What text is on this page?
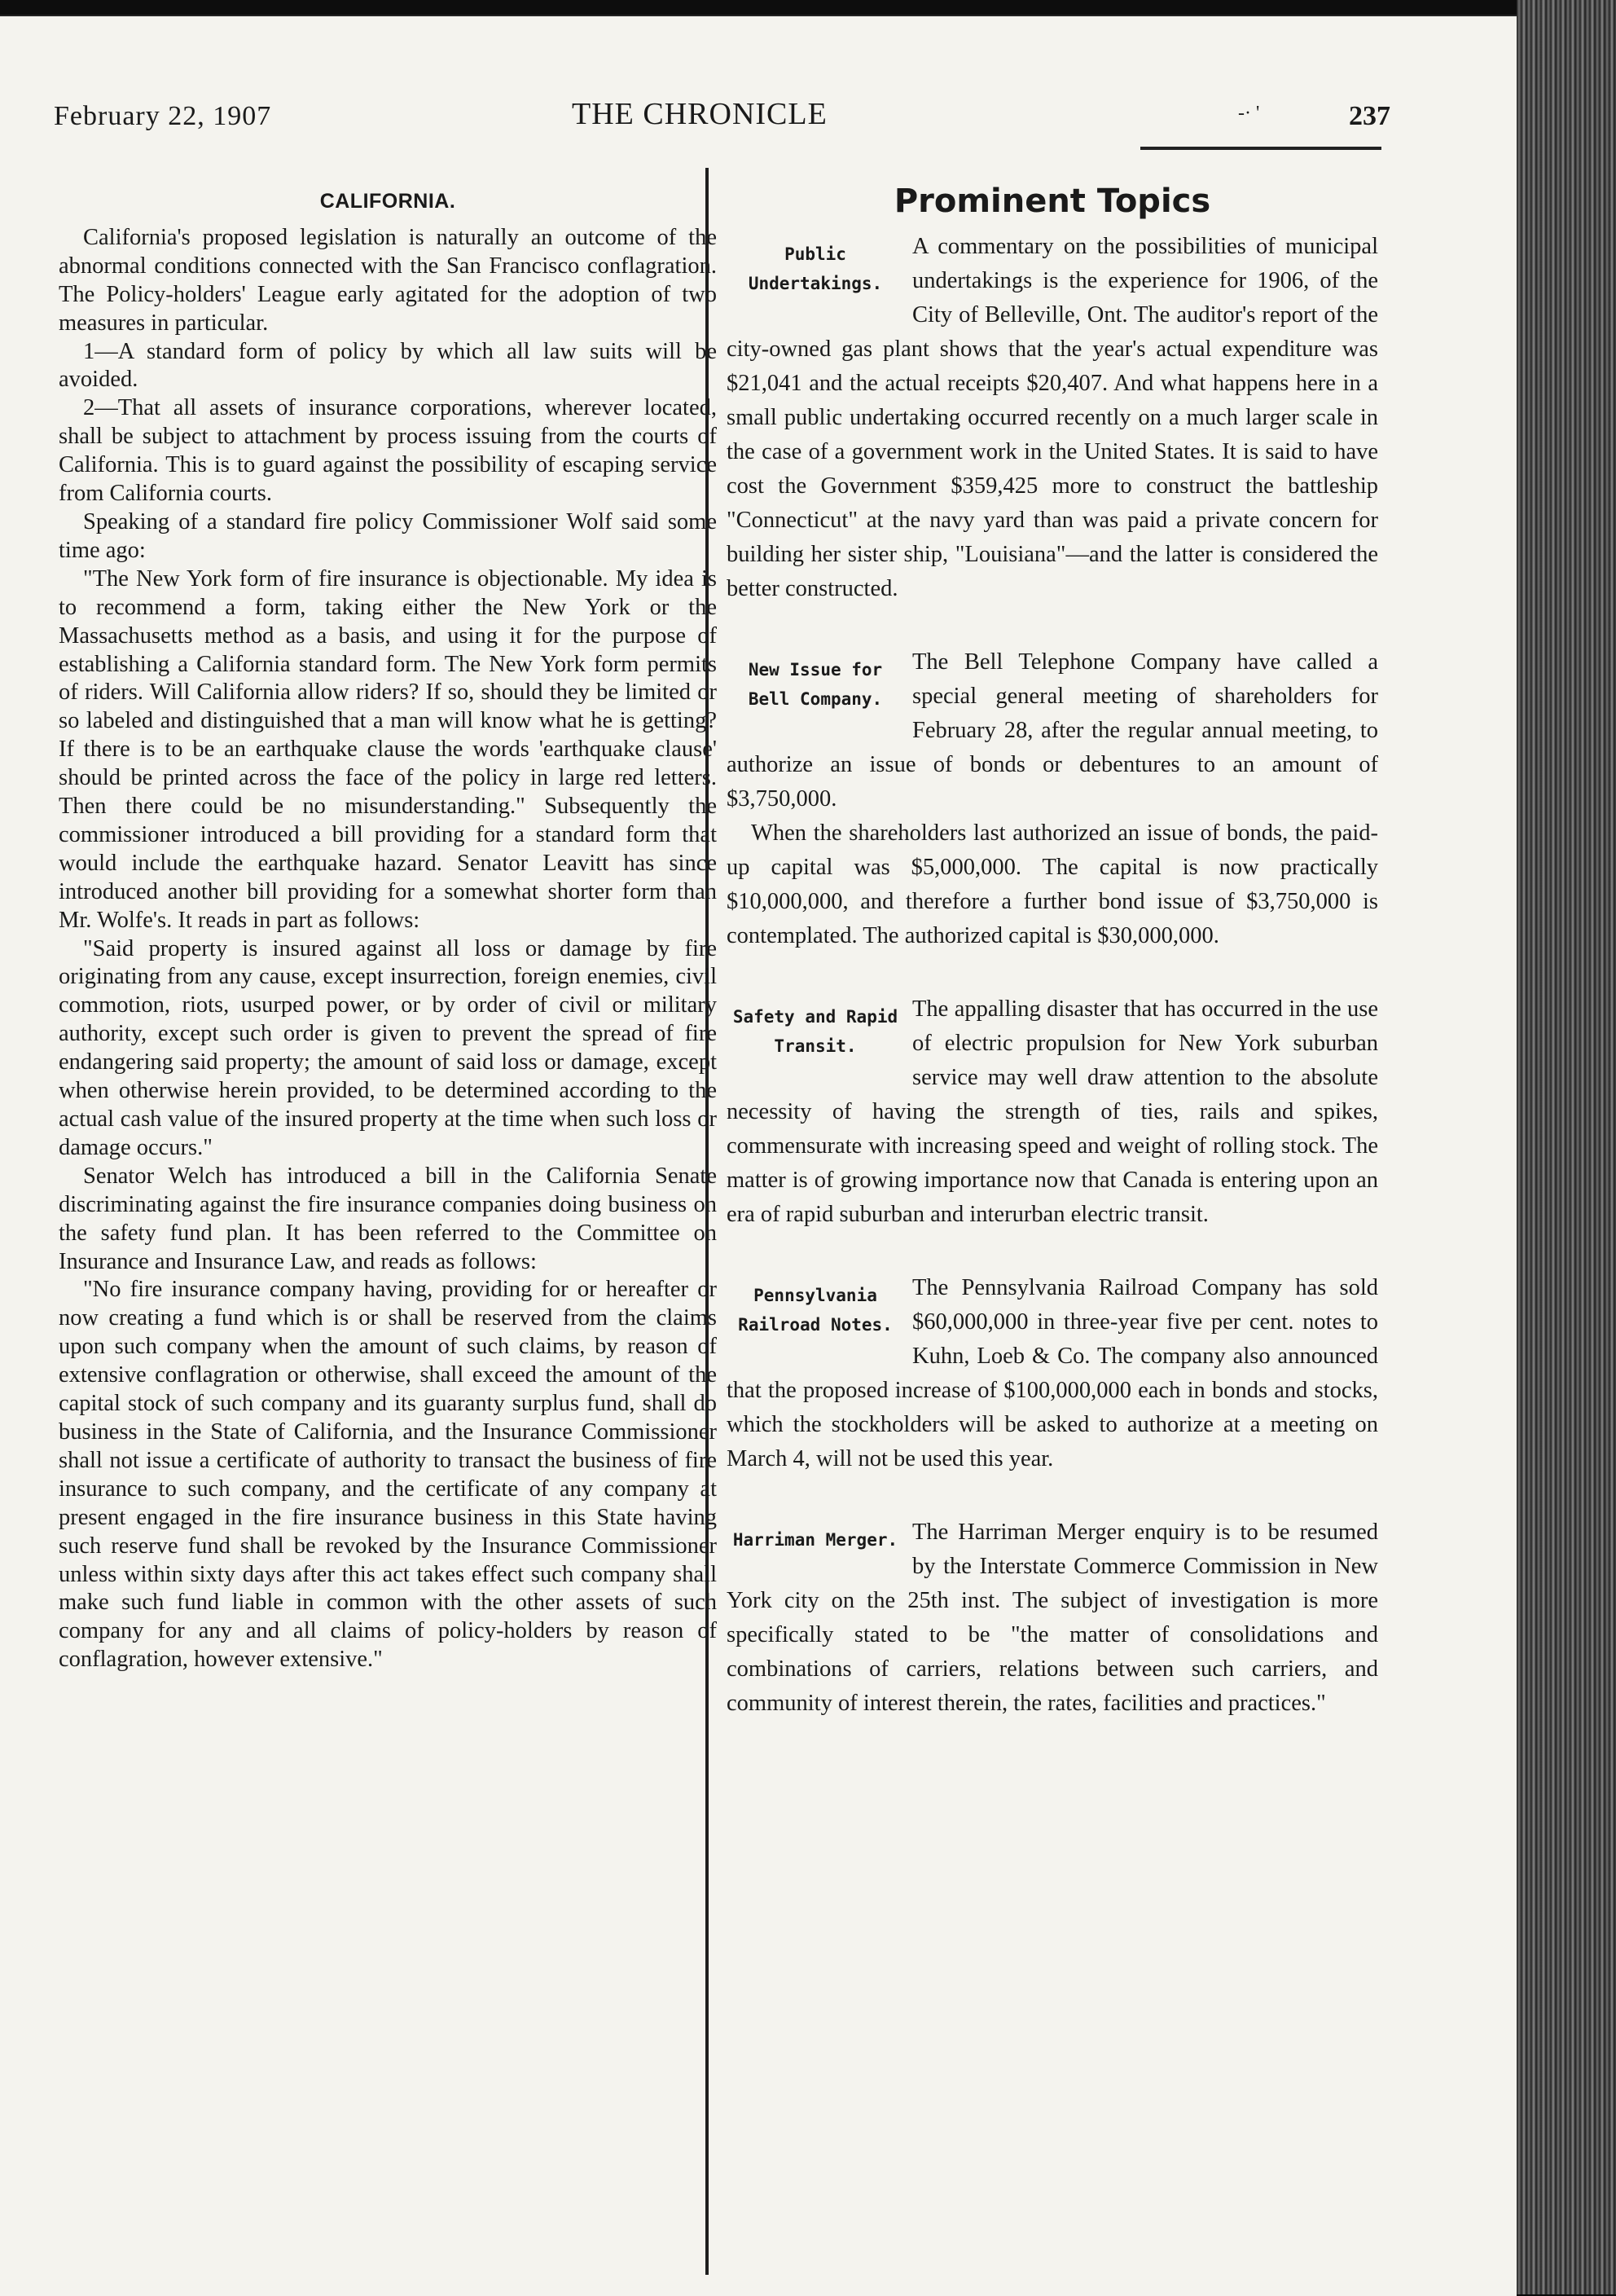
February 22, 1907	THE CHRONICLE	-· '	237
CALIFORNIA.

California's proposed legislation is naturally an outcome of the abnormal conditions connected with the San Francisco conflagration. The Policy-holders' League early agitated for the adoption of two measures in particular.

1—A standard form of policy by which all law suits will be avoided.

2—That all assets of insurance corporations, wherever located, shall be subject to attachment by process issuing from the courts of California. This is to guard against the possibility of escaping service from California courts.

Speaking of a standard fire policy Commissioner Wolf said some time ago:

"The New York form of fire insurance is objectionable. My idea is to recommend a form, taking either the New York or the Massachusetts method as a basis, and using it for the purpose of establishing a California standard form. The New York form permits of riders. Will California allow riders? If so, should they be limited or so labeled and distinguished that a man will know what he is getting? If there is to be an earthquake clause the words 'earthquake clause' should be printed across the face of the policy in large red letters. Then there could be no misunderstanding." Subsequently the commissioner introduced a bill providing for a standard form that would include the earthquake hazard. Senator Leavitt has since introduced another bill providing for a somewhat shorter form than Mr. Wolfe's. It reads in part as follows:

"Said property is insured against all loss or damage by fire originating from any cause, except insurrection, foreign enemies, civil commotion, riots, usurped power, or by order of civil or military authority, except such order is given to prevent the spread of fire endangering said property; the amount of said loss or damage, except when otherwise herein provided, to be determined according to the actual cash value of the insured property at the time when such loss or damage occurs."

Senator Welch has introduced a bill in the California Senate discriminating against the fire insurance companies doing business on the safety fund plan. It has been referred to the Committee on Insurance and Insurance Law, and reads as follows:

"No fire insurance company having, providing for or hereafter or now creating a fund which is or shall be reserved from the claims upon such company when the amount of such claims, by reason of extensive conflagration or otherwise, shall exceed the amount of the capital stock of such company and its guaranty surplus fund, shall do business in the State of California, and the Insurance Commissioner shall not issue a certificate of authority to transact the business of fire insurance to such company, and the certificate of any company at present engaged in the fire insurance business in this State having such reserve fund shall be revoked by the Insurance Commissioner unless within sixty days after this act takes effect such company shall make such fund liable in common with the other assets of such company for any and all claims of policy-holders by reason of conflagration, however extensive."

Prominent Topics
Public
Undertakings.

A commentary on the possibilities of municipal undertakings is the experience for 1906, of the City of Belleville, Ont. The auditor's report of the city-owned gas plant shows that the year's actual expenditure was $21,041 and the actual receipts $20,407. And what happens here in a small public undertaking occurred recently on a much larger scale in the case of a government work in the United States. It is said to have cost the Government $359,425 more to construct the battleship "Connecticut" at the navy yard than was paid a private concern for building her sister ship, "Louisiana"—and the latter is considered the better constructed.

New Issue for
Bell Company.

The Bell Telephone Company have called a special general meeting of shareholders for February 28, after the regular annual meeting, to authorize an issue of bonds or debentures to an amount of $3,750,000.

When the shareholders last authorized an issue of bonds, the paid-up capital was $5,000,000. The capital is now practically $10,000,000, and therefore a further bond issue of $3,750,000 is contemplated. The authorized capital is $30,000,000.

Safety and Rapid
Transit.

The appalling disaster that has occurred in the use of electric propulsion for New York suburban service may well draw attention to the absolute necessity of having the strength of ties, rails and spikes, commensurate with increasing speed and weight of rolling stock. The matter is of growing importance now that Canada is entering upon an era of rapid suburban and interurban electric transit.

Pennsylvania
Railroad Notes.

The Pennsylvania Railroad Company has sold $60,000,000 in three-year five per cent. notes to Kuhn, Loeb & Co. The company also announced that the proposed increase of $100,000,000 each in bonds and stocks, which the stockholders will be asked to authorize at a meeting on March 4, will not be used this year.

Harriman Merger. The Harriman Merger enquiry is to be resumed by the Interstate Commerce Commission in New York city on the 25th inst. The subject of investigation is more specifically stated to be "the matter of consolidations and combinations of carriers, relations between such carriers, and community of interest therein, the rates, facilities and practices."
